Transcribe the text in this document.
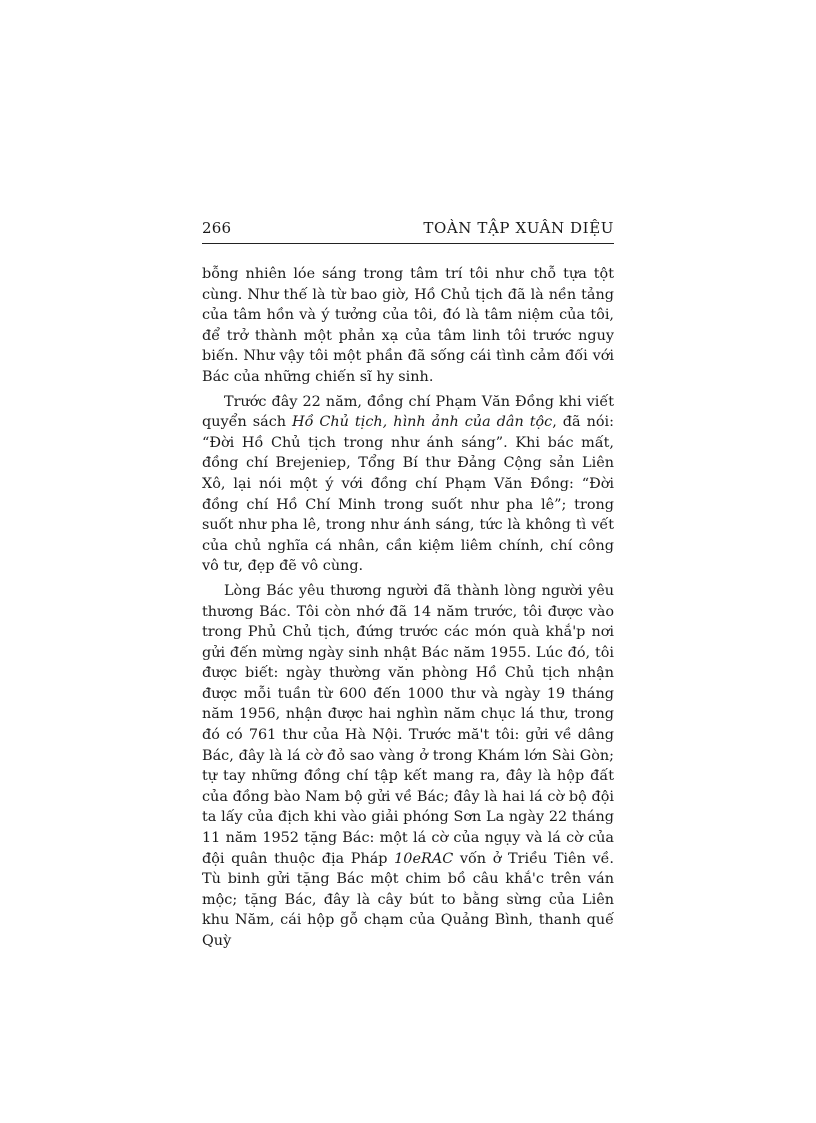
266	TOÀN TẬP XUÂN DIỆU

bỗng nhiên lóe sáng trong tâm trí tôi như chỗ tựa tột cùng. Như thế là từ bao giờ, Hồ Chủ tịch đã là nền tảng của tâm hồn và ý tưởng của tôi, đó là tâm niệm của tôi, để trở thành một phản xạ của tâm linh tôi trước nguy biến. Như vậy tôi một phần đã sống cái tình cảm đối với Bác của những chiến sĩ hy sinh.

Trước đây 22 năm, đồng chí Phạm Văn Đồng khi viết quyển sách Hồ Chủ tịch, hình ảnh của dân tộc, đã nói: “Đời Hồ Chủ tịch trong như ánh sáng”. Khi bác mất, đồng chí Brejeniep, Tổng Bí thư Đảng Cộng sản Liên Xô, lại nói một ý với đồng chí Phạm Văn Đồng: “Đời đồng chí Hồ Chí Minh trong suốt như pha lê”; trong suốt như pha lê, trong như ánh sáng, tức là không tì vết của chủ nghĩa cá nhân, cần kiệm liêm chính, chí công vô tư, đẹp đẽ vô cùng.

Lòng Bác yêu thương người đã thành lòng người yêu thương Bác. Tôi còn nhớ đã 14 năm trước, tôi được vào trong Phủ Chủ tịch, đứng trước các món quà khắ'p nơi gửi đến mừng ngày sinh nhật Bác năm 1955. Lúc đó, tôi được biết: ngày thường văn phòng Hồ Chủ tịch nhận được mỗi tuần từ 600 đến 1000 thư và ngày 19 tháng năm 1956, nhận được hai nghìn năm chục lá thư, trong đó có 761 thư của Hà Nội. Trước mă't tôi: gửi về dâng Bác, đây là lá cờ đỏ sao vàng ở trong Khám lớn Sài Gòn; tự tay những đồng chí tập kết mang ra, đây là hộp đất của đồng bào Nam bộ gửi về Bác; đây là hai lá cờ bộ đội ta lấy của địch khi vào giải phóng Sơn La ngày 22 tháng 11 năm 1952 tặng Bác: một lá cờ của ngụy và lá cờ của đội quân thuộc địa Pháp 10eRAC vốn ở Triều Tiên về. Tù binh gửi tặng Bác một chim bồ câu khắ'c trên ván mộc; tặng Bác, đây là cây bút to bằng sừng của Liên khu Năm, cái hộp gỗ chạm của Quảng Bình, thanh quế Quỳ
